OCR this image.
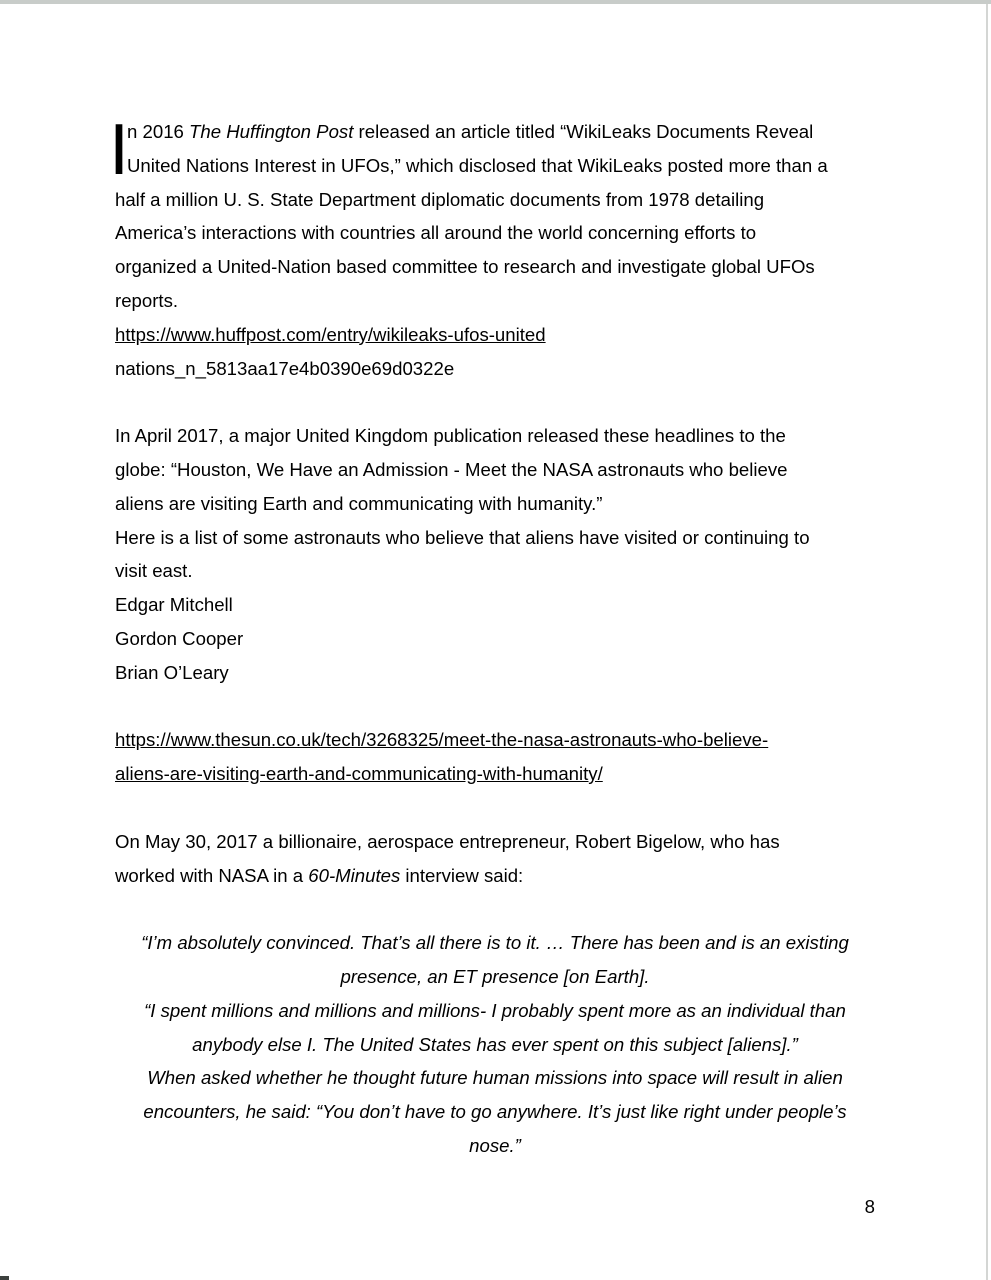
I
n 2016 The Huffington Post released an article titled “WikiLeaks Documents Reveal
United Nations Interest in UFOs,” which disclosed that WikiLeaks posted more than a
half a million U. S. State Department diplomatic documents from 1978 detailing
America’s interactions with countries all around the world concerning efforts to
organized a United-Nation based committee to research and investigate global UFOs
reports.
https://www.huffpost.com/entry/wikileaks-ufos-united
nations_n_5813aa17e4b0390e69d0322e
In April 2017, a major United Kingdom publication released these headlines to the
globe: “Houston, We Have an Admission - Meet the NASA astronauts who believe
aliens are visiting Earth and communicating with humanity.”
Here is a list of some astronauts who believe that aliens have visited or continuing to
visit east.
Edgar Mitchell
Gordon Cooper
Brian O’Leary
https://www.thesun.co.uk/tech/3268325/meet-the-nasa-astronauts-who-believe-
aliens-are-visiting-earth-and-communicating-with-humanity/
On May 30, 2017 a billionaire, aerospace entrepreneur, Robert Bigelow, who has
worked with NASA in a 60-Minutes interview said:
“I’m absolutely convinced. That’s all there is to it. … There has been and is an existing
presence, an ET presence [on Earth].
“I spent millions and millions and millions- I probably spent more as an individual than
anybody else I. The United States has ever spent on this subject [aliens].”
When asked whether he thought future human missions into space will result in alien
encounters, he said: “You don’t have to go anywhere. It’s just like right under people’s
nose.”
8
